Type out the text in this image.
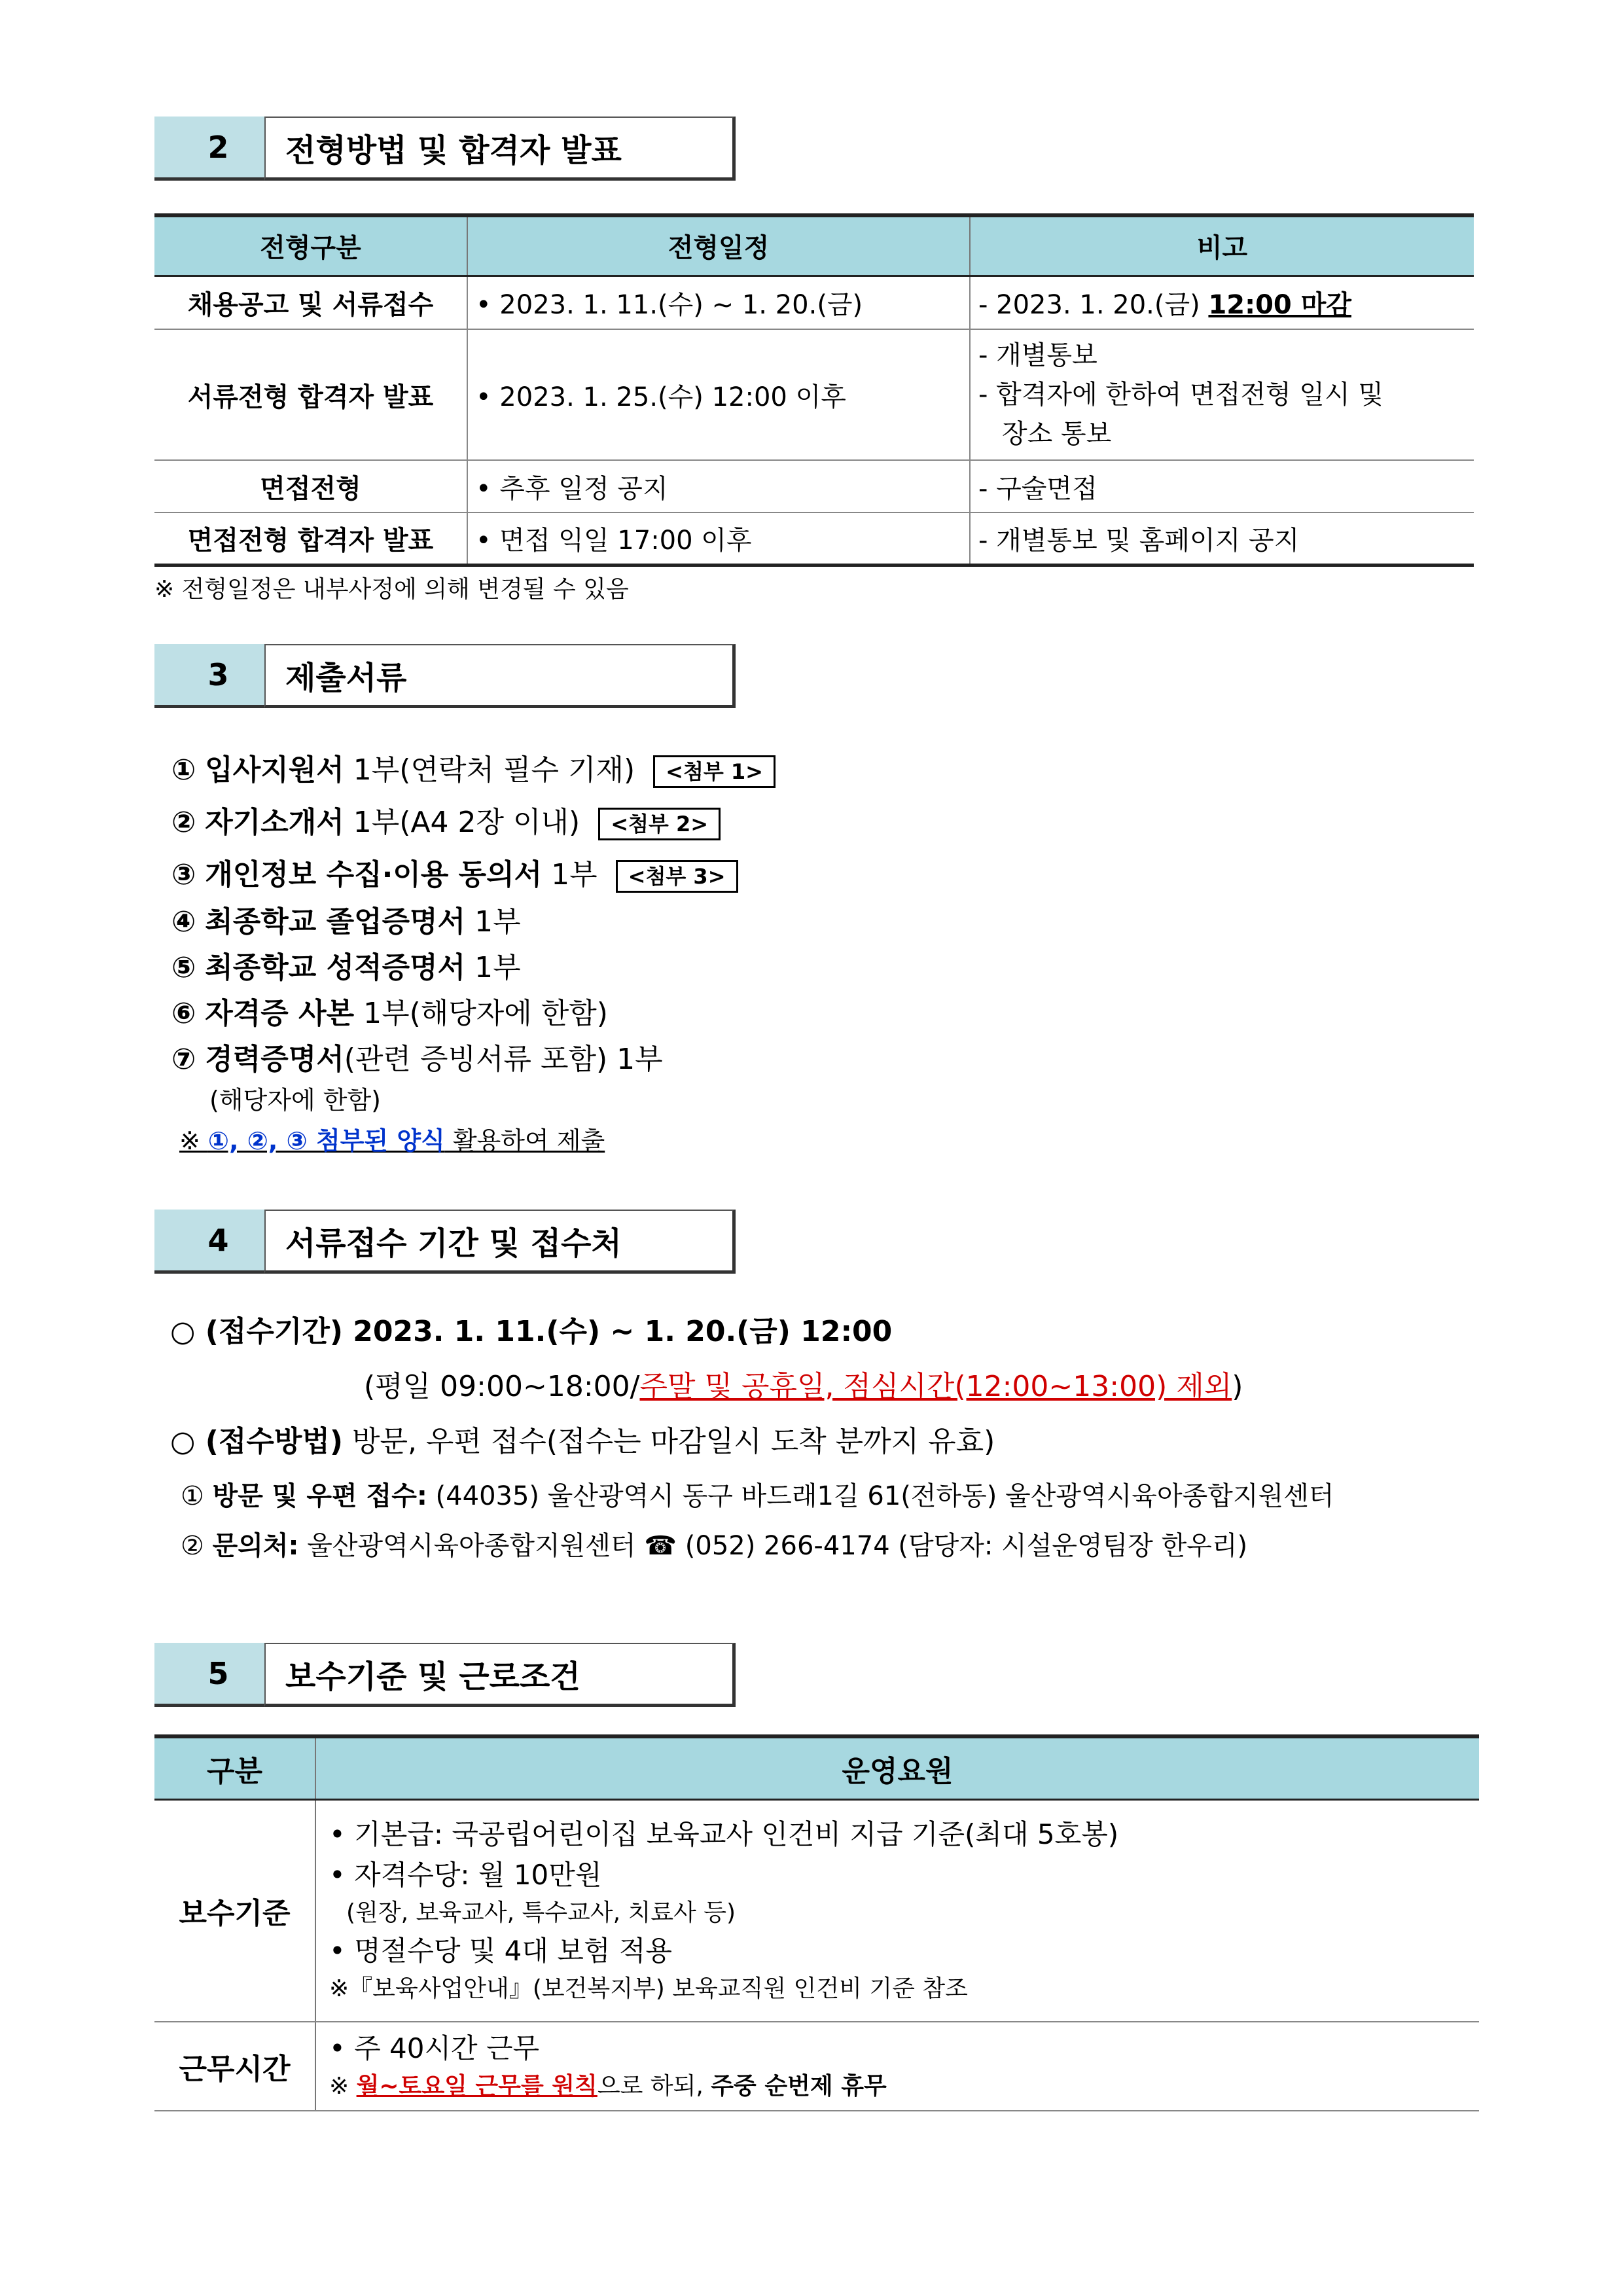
2	전형방법 및 합격자 발표
전형구분	전형일정	비고
채용공고 및 서류접수	• 2023. 1. 11.(수) ~ 1. 20.(금)	- 2023. 1. 20.(금) 12:00 마감
서류전형 합격자 발표	• 2023. 1. 25.(수) 12:00 이후	- 개별통보
- 합격자에 한하여 면접전형 일시 및
장소 통보

면접전형	• 추후 일정 공지	- 구술면접
면접전형 합격자 발표	• 면접 익일 17:00 이후	- 개별통보 및 홈페이지 공지
※ 전형일정은 내부사정에 의해 변경될 수 있음
3	제출서류
① 입사지원서 1부(연락처 필수 기재) <첨부 1>
② 자기소개서 1부(A4 2장 이내) <첨부 2>
③ 개인정보 수집·이용 동의서 1부 <첨부 3>
④ 최종학교 졸업증명서 1부
⑤ 최종학교 성적증명서 1부
⑥ 자격증 사본 1부(해당자에 한함)
⑦ 경력증명서(관련 증빙서류 포함) 1부
(해당자에 한함)
※ ①, ②, ③ 첨부된 양식 활용하여 제출
4	서류접수 기간 및 접수처
○ (접수기간) 2023. 1. 11.(수) ~ 1. 20.(금) 12:00
(평일 09:00~18:00/주말 및 공휴일, 점심시간(12:00~13:00) 제외)
○ (접수방법) 방문, 우편 접수(접수는 마감일시 도착 분까지 유효)
① 방문 및 우편 접수: (44035) 울산광역시 동구 바드래1길 61(전하동) 울산광역시육아종합지원센터
② 문의처: 울산광역시육아종합지원센터 ☎ (052) 266-4174 (담당자: 시설운영팀장 한우리)
5	보수기준 및 근로조건
구분	운영요원
보수기준	• 기본급: 국공립어린이집 보육교사 인건비 지급 기준(최대 5호봉)
• 자격수당: 월 10만원
(원장, 보육교사, 특수교사, 치료사 등)
• 명절수당 및 4대 보험 적용
※『보육사업안내』(보건복지부) 보육교직원 인건비 기준 참조

근무시간	• 주 40시간 근무
※ 월~토요일 근무를 원칙으로 하되, 주중 순번제 휴무
